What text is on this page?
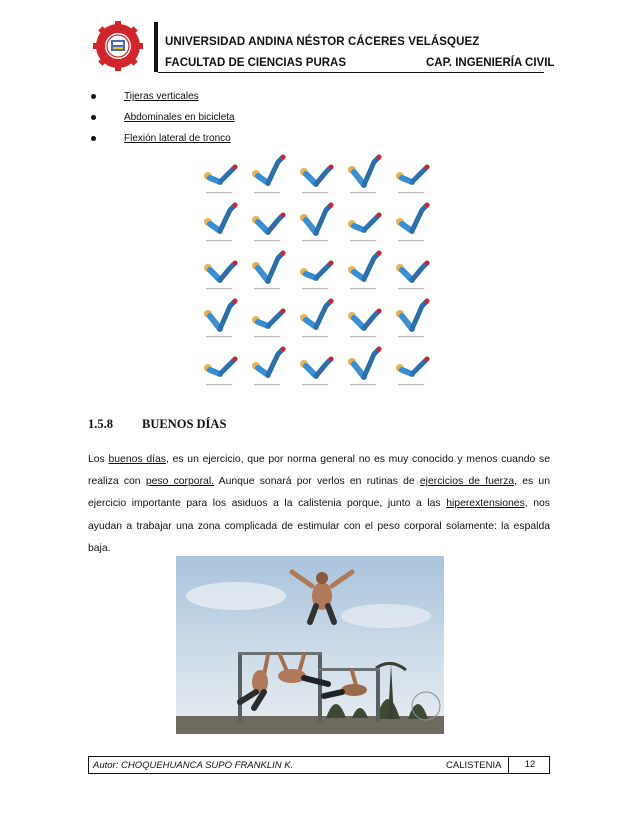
UNIVERSIDAD ANDINA NÉSTOR CÁCERES VELÁSQUEZ
FACULTAD DE CIENCIAS PURAS	CAP. INGENIERÍA CIVIL
Tijeras verticales
Abdominales en bicicleta
Flexión lateral de tronco
1.5.8 BUENOS DÍAS
Los buenos días, es un ejercicio, que por norma general no es muy conocido y menos cuando se realiza con peso corporal. Aunque sonará por verlos en rutinas de ejercicios de fuerza, es un ejercicio importante para los asiduos a la calistenia porque, junto a las hiperextensiones, nos ayudan a trabajar una zona complicada de estimular con el peso corporal solamente: la espalda baja.
Autor: CHOQUEHUANCA SUPO FRANKLIN K.	CALISTENIA	12
